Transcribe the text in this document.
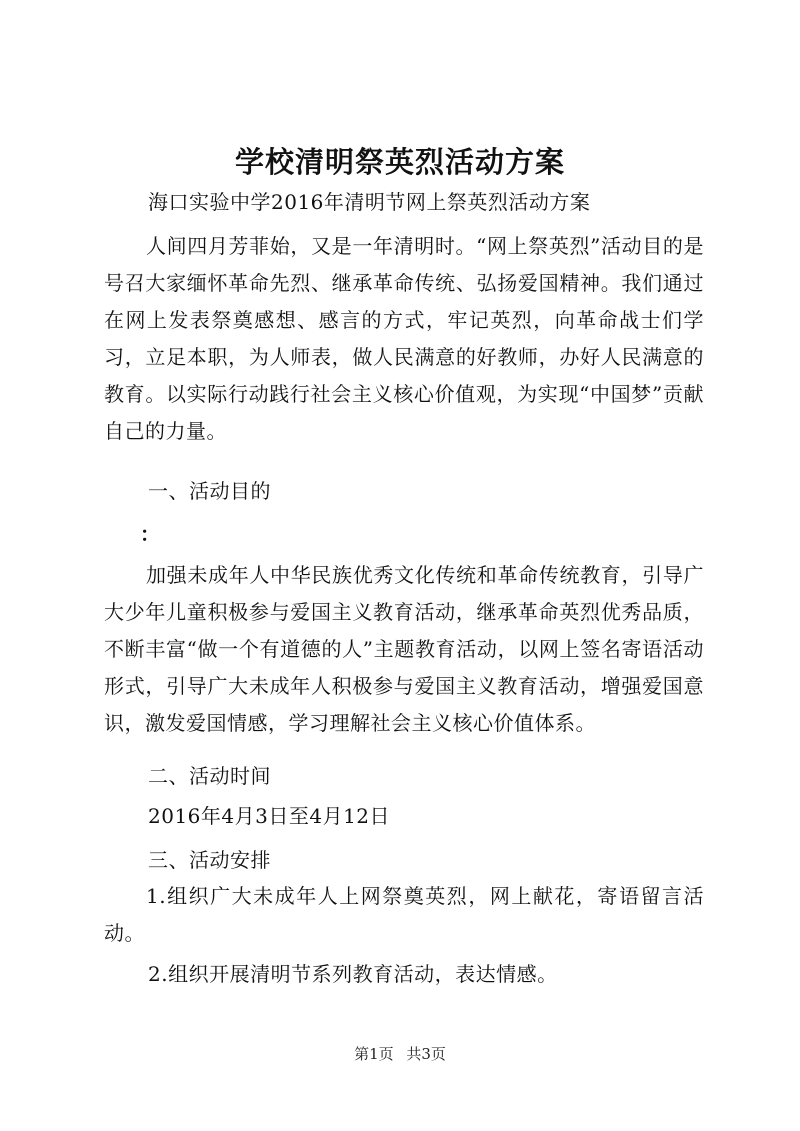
学校清明祭英烈活动方案
海口实验中学2016年清明节网上祭英烈活动方案

人间四月芳菲始，又是一年清明时。“网上祭英烈”活动目的是号召大家缅怀革命先烈、继承革命传统、弘扬爱国精神。我们通过在网上发表祭奠感想、感言的方式，牢记英烈，向革命战士们学习，立足本职，为人师表，做人民满意的好教师，办好人民满意的教育。以实际行动践行社会主义核心价值观，为实现“中国梦”贡献自己的力量。

一、活动目的
：

加强未成年人中华民族优秀文化传统和革命传统教育，引导广大少年儿童积极参与爱国主义教育活动，继承革命英烈优秀品质，不断丰富“做一个有道德的人”主题教育活动，以网上签名寄语活动形式，引导广大未成年人积极参与爱国主义教育活动，增强爱国意识，激发爱国情感，学习理解社会主义核心价值体系。

二、活动时间
2016年4月3日至4月12日
三、活动安排

1.组织广大未成年人上网祭奠英烈，网上献花，寄语留言活动。

2.组织开展清明节系列教育活动，表达情感。
第1页 共3页
